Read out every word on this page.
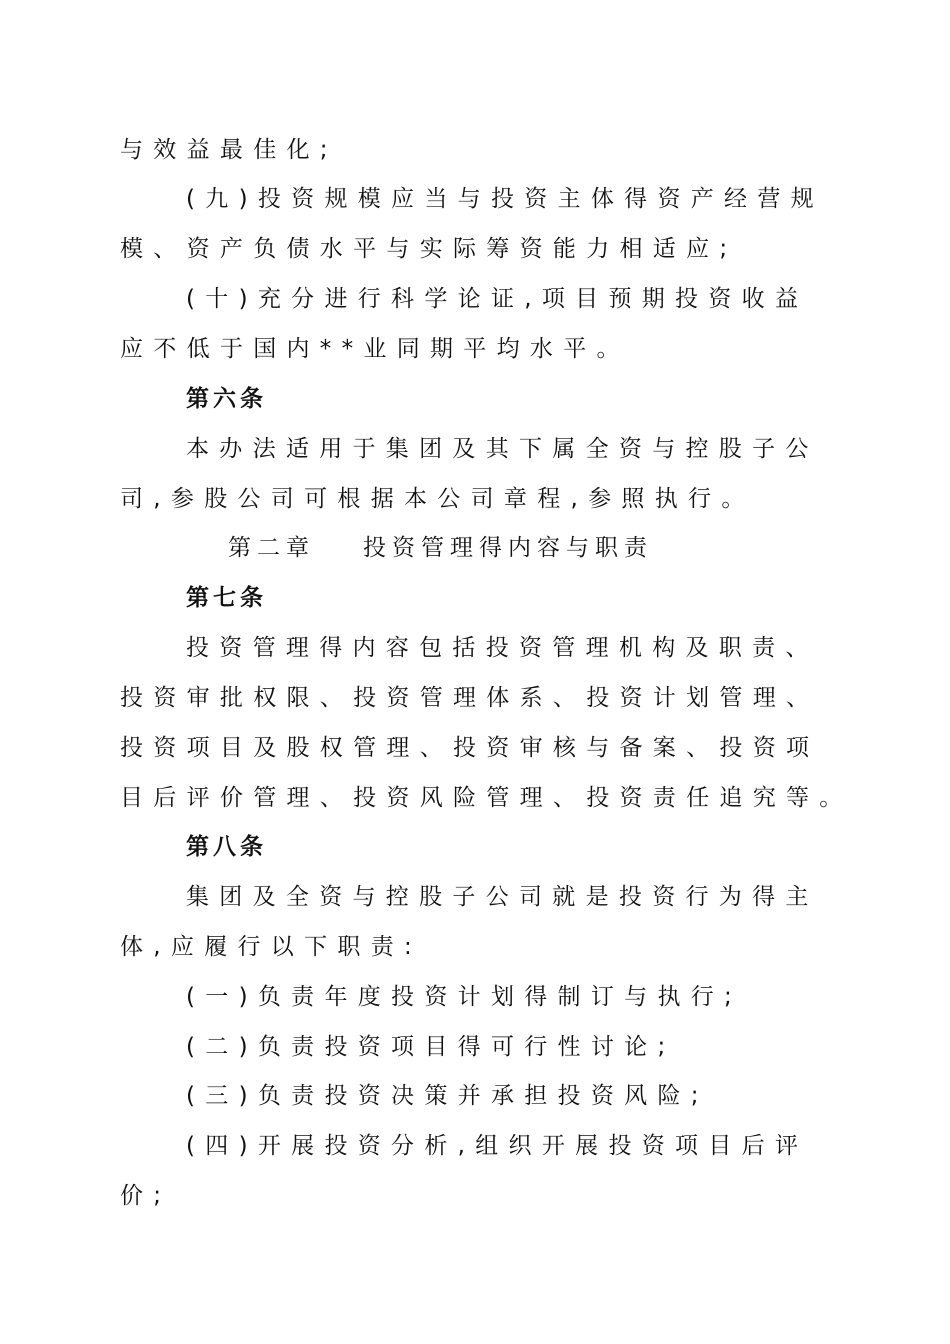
与效益最佳化;
(九)投资规模应当与投资主体得资产经营规
模、资产负债水平与实际筹资能力相适应;
(十)充分进行科学论证,项目预期投资收益
应不低于国内**业同期平均水平。
第六条
本办法适用于集团及其下属全资与控股子公
司,参股公司可根据本公司章程,参照执行。
第二章 投资管理得内容与职责
第七条
投资管理得内容包括投资管理机构及职责、
投资审批权限、投资管理体系、投资计划管理、
投资项目及股权管理、投资审核与备案、投资项
目后评价管理、投资风险管理、投资责任追究等。
第八条
集团及全资与控股子公司就是投资行为得主
体,应履行以下职责:
(一)负责年度投资计划得制订与执行;
(二)负责投资项目得可行性讨论;
(三)负责投资决策并承担投资风险;
(四)开展投资分析,组织开展投资项目后评
价;
